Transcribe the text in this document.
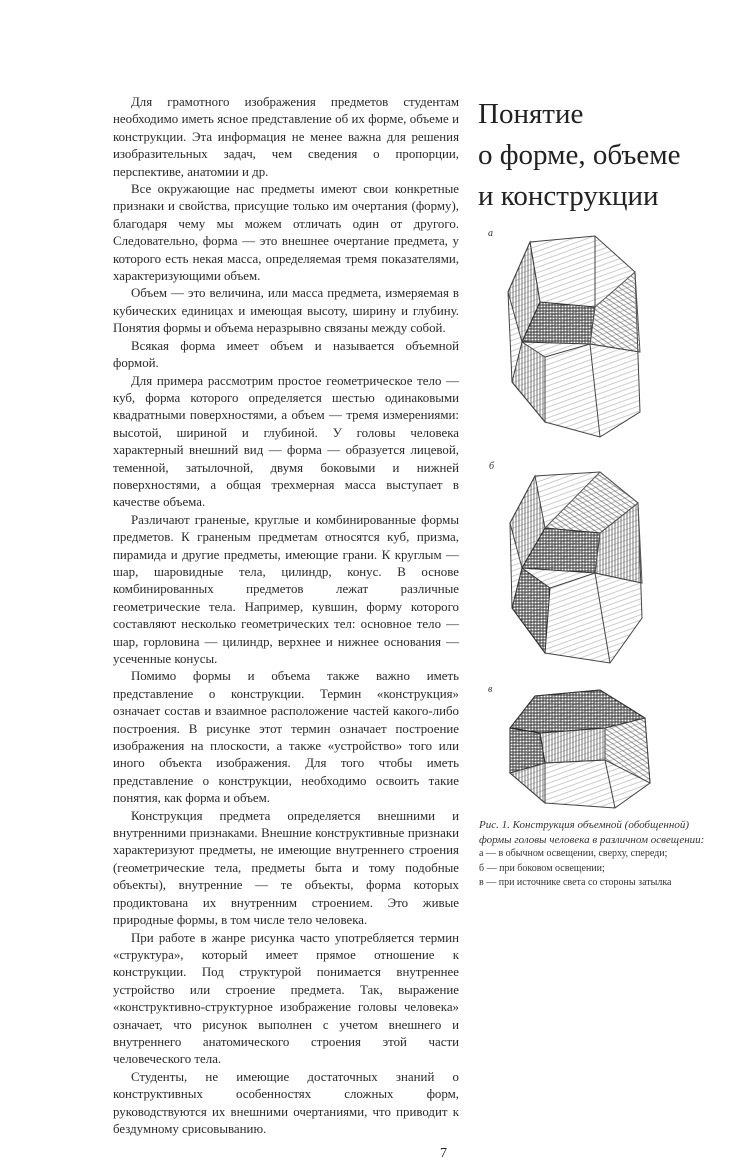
Для грамотного изображения предметов студентам необходимо иметь ясное представление об их форме, объеме и конструкции. Эта информация не менее важна для решения изобразительных задач, чем сведения о пропорции, перспективе, анатомии и др.

Все окружающие нас предметы имеют свои конкретные признаки и свойства, присущие только им очертания (форму), благодаря чему мы можем отличать один от другого. Следовательно, форма — это внешнее очертание предмета, у которого есть некая масса, определяемая тремя показателями, характеризующими объем.

Объем — это величина, или масса предмета, измеряемая в кубических единицах и имеющая высоту, ширину и глубину. Понятия формы и объема неразрывно связаны между собой.

Всякая форма имеет объем и называется объемной формой.

Для примера рассмотрим простое геометрическое тело — куб, форма которого определяется шестью одинаковыми квадратными поверхностями, а объем — тремя измерениями: высотой, шириной и глубиной. У головы человека характерный внешний вид — форма — образуется лицевой, теменной, затылочной, двумя боковыми и нижней поверхностями, а общая трехмерная масса выступает в качестве объема.

Различают граненые, круглые и комбинированные формы предметов. К граненым предметам относятся куб, призма, пирамида и другие предметы, имеющие грани. К круглым — шар, шаровидные тела, цилиндр, конус. В основе комбинированных предметов лежат различные геометрические тела. Например, кувшин, форму которого составляют несколько геометрических тел: основное тело — шар, горловина — цилиндр, верхнее и нижнее основания — усеченные конусы.

Помимо формы и объема также важно иметь представление о конструкции. Термин «конструкция» означает состав и взаимное расположение частей какого-либо построения. В рисунке этот термин означает построение изображения на плоскости, а также «устройство» того или иного объекта изображения. Для того чтобы иметь представление о конструкции, необходимо освоить такие понятия, как форма и объем.

Конструкция предмета определяется внешними и внутренними признаками. Внешние конструктивные признаки характеризуют предметы, не имеющие внутреннего строения (геометрические тела, предметы быта и тому подобные объекты), внутренние — те объекты, форма которых продиктована их внутренним строением. Это живые природные формы, в том числе тело человека.

При работе в жанре рисунка часто употребляется термин «структура», который имеет прямое отношение к конструкции. Под структурой понимается внутреннее устройство или строение предмета. Так, выражение «конструктивно-структурное изображение головы человека» означает, что рисунок выполнен с учетом внешнего и внутреннего анатомического строения этой части человеческого тела.

Студенты, не имеющие достаточных знаний о конструктивных особенностях сложных форм, руководствуются их внешними очертаниями, что приводит к бездумному срисовыванию.

Понятие
о форме, объеме
и конструкции
а
б
в
Рис. 1. Конструкция объемной (обобщенной) формы головы человека в различном освещении:
а — в обычном освещении, сверху, спереди;
б — при боковом освещении;
в — при источнике света со стороны затылка
7
